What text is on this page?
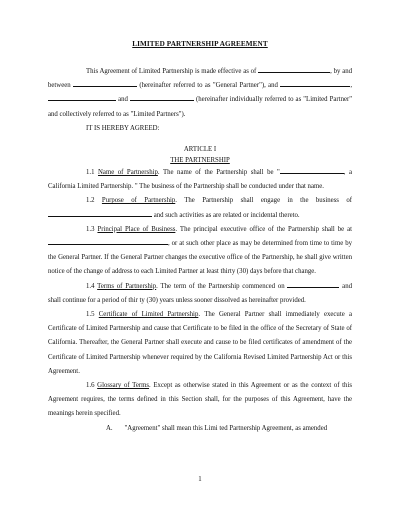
LIMITED PARTNERSHIP AGREEMENT

This Agreement of Limited Partnership is made effective as of	, by and between	(hereinafter referred to as "General Partner"), and	,  and	(hereinafter individually referred to as "Limited Partner" and collectively referred to as "Limited Partners").

IT IS HEREBY AGREED:

ARTICLE I

THE PARTNERSHIP

1.1 Name of Partnership. The name of the Partnership shall be "	, a California Limited Partnership. " The business of the Partnership shall be conducted under that name.

1.2 Purpose of Partnership. The Partnership shall engage in the business of  and such activities as are related or incidental thereto.

1.3 Principal Place of Business. The principal executive office of the Partnership shall be at , or at such other place as may be determined from time to time by the General Partner. If the General Partner changes the executive office of the Partnership, he shall give written notice of the change of address to each Limited Partner at least thirty (30) days before that change.

1.4 Terms of Partnership. The term of the Partnership commenced on	and shall continue for a period of thir ty (30) years unless sooner dissolved as hereinafter provided.

1.5 Certificate of Limited Partnership. The General Partner shall immediately execute a Certificate of Limited Partnership and cause that Certificate to be filed in the office of the Secretary of State of California. Thereafter, the General Partner shall execute and cause to be filed certificates of amendment of the Certificate of Limited Partnership whenever required by the California Revised Limited Partnership Act or this Agreement.

1.6 Glossary of Terms. Except as otherwise stated in this Agreement or as the context of this Agreement requires, the terms defined in this Section shall, for the purposes of this Agreement, have the meanings herein specified.

A. "Agreement" shall mean this Limi ted Partnership Agreement, as amended

1
